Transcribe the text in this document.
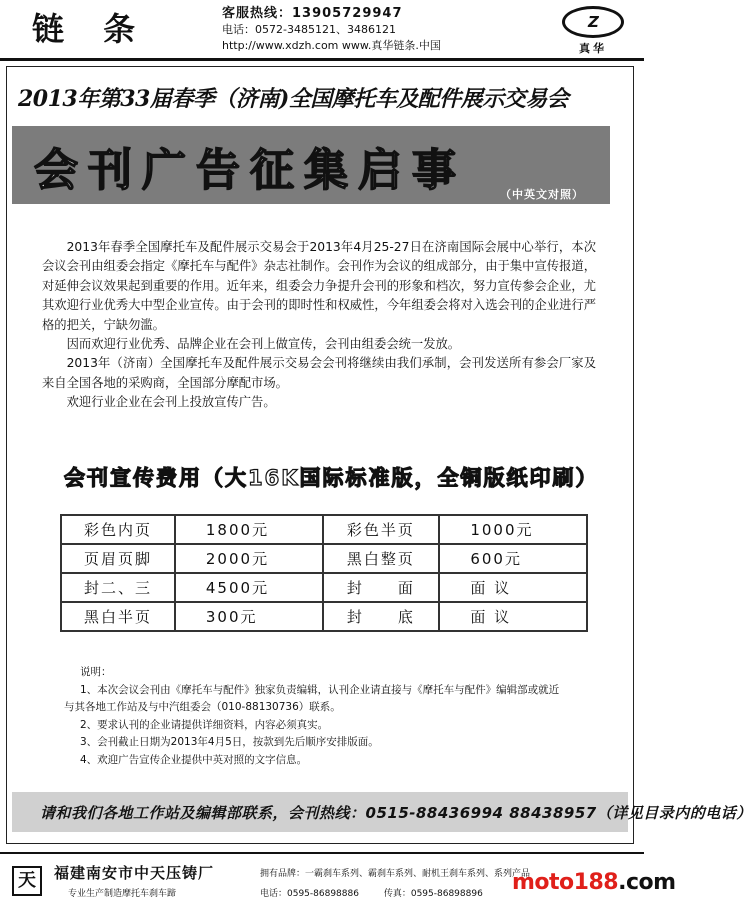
链 条	客服热线：13905729947
电话：0572-3485121、3486121
http://www.xdzh.com www.真华链条.中国
Z
真华
2013年第33届春季（济南)全国摩托车及配件展示交易会
会刊广告征集启事	（中英文对照）

2013年春季全国摩托车及配件展示交易会于2013年4月25-27日在济南国际会展中心举行，本次会议会刊由组委会指定《摩托车与配件》杂志社制作。会刊作为会议的组成部分，由于集中宣传报道，对延伸会议效果起到重要的作用。近年来，组委会力争提升会刊的形象和档次，努力宣传参会企业，尤其欢迎行业优秀大中型企业宣传。由于会刊的即时性和权威性，今年组委会将对入选会刊的企业进行严格的把关，宁缺勿滥。

因而欢迎行业优秀、品牌企业在会刊上做宣传，会刊由组委会统一发放。

2013年（济南）全国摩托车及配件展示交易会会刊将继续由我们承制，会刊发送所有参会厂家及来自全国各地的采购商，全国部分摩配市场。

欢迎行业企业在会刊上投放宣传广告。

会刊宣传费用（大16K国际标准版，全铜版纸印刷）
彩色内页	1800元	彩色半页	1000元
页眉页脚	2000元	黑白整页	600元
封二、三	4500元	封　　面	面 议
黑白半页	300元	封　　底	面 议
说明：
1、本次会议会刊由《摩托车与配件》独家负责编辑，认刊企业请直接与《摩托车与配件》编辑部或就近
与其各地工作站及与中汽组委会（010-88130736）联系。
2、要求认刊的企业请提供详细资料，内容必须真实。
3、会刊截止日期为2013年4月5日，按款到先后顺序安排版面。
4、欢迎广告宣传企业提供中英对照的文字信息。
请和我们各地工作站及编辑部联系，会刊热线：0515-88436994 88438957（详见目录内的电话）
天	福建南安市中天压铸厂
专业生产制造摩托车刹车蹄
拥有品牌：一霸刹车系列、霸刹车系列、耐机王刹车系列、系列产品
电话：0595-86898886	传真：0595-86898896	moto188.com
